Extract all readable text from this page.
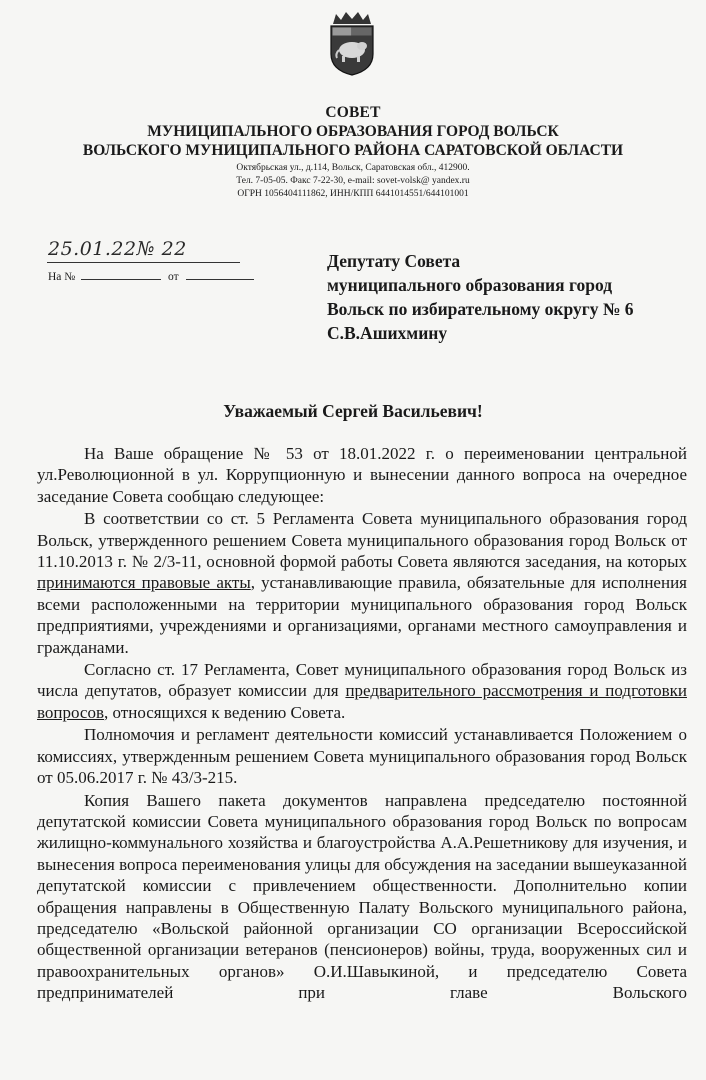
СОВЕТ
МУНИЦИПАЛЬНОГО ОБРАЗОВАНИЯ ГОРОД ВОЛЬСК
ВОЛЬСКОГО МУНИЦИПАЛЬНОГО РАЙОНА САРАТОВСКОЙ ОБЛАСТИ
Октябрьская ул., д.114, Вольск, Саратовская обл., 412900.
Тел. 7-05-05. Факс 7-22-30, e-mail: sovet-volsk@ yandex.ru
ОГРН 1056404111862, ИНН/КПП 6441014551/644101001
25.01.22№ 22
На №	от
Депутату Совета
муниципального образования город
Вольск по избирательному округу № 6
С.В.Ашихмину
Уважаемый Сергей Васильевич!

На Ваше обращение № 53 от 18.01.2022 г. о переименовании центральной ул.Революционной в ул. Коррупционную и вынесении данного вопроса на очередное заседание Совета сообщаю следующее:

В соответствии со ст. 5 Регламента Совета муниципального образования город Вольск, утвержденного решением Совета муниципального образования город Вольск от 11.10.2013 г. № 2/3-11, основной формой работы Совета являются заседания, на которых принимаются правовые акты, устанавливающие правила, обязательные для исполнения всеми расположенными на территории муниципального образования город Вольск предприятиями, учреждениями и организациями, органами местного самоуправления и гражданами.

Согласно ст. 17 Регламента, Совет муниципального образования город Вольск из числа депутатов, образует комиссии для предварительного рассмотрения и подготовки вопросов, относящихся к ведению Совета.

Полномочия и регламент деятельности комиссий устанавливается Положением о комиссиях, утвержденным решением Совета муниципального образования город Вольск от 05.06.2017 г. № 43/3-215.

Копия Вашего пакета документов направлена председателю постоянной депутатской комиссии Совета муниципального образования город Вольск по вопросам жилищно-коммунального хозяйства и благоустройства А.А.Решетникову для изучения, и вынесения вопроса переименования улицы для обсуждения на заседании вышеуказанной депутатской комиссии с привлечением общественности. Дополнительно копии обращения направлены в Общественную Палату Вольского муниципального района, председателю «Вольской районной организации СО организации Всероссийской общественной организации ветеранов (пенсионеров) войны, труда, вооруженных сил и правоохранительных органов» О.И.Шавыкиной, и председателю Совета предпринимателей при главе Вольского
